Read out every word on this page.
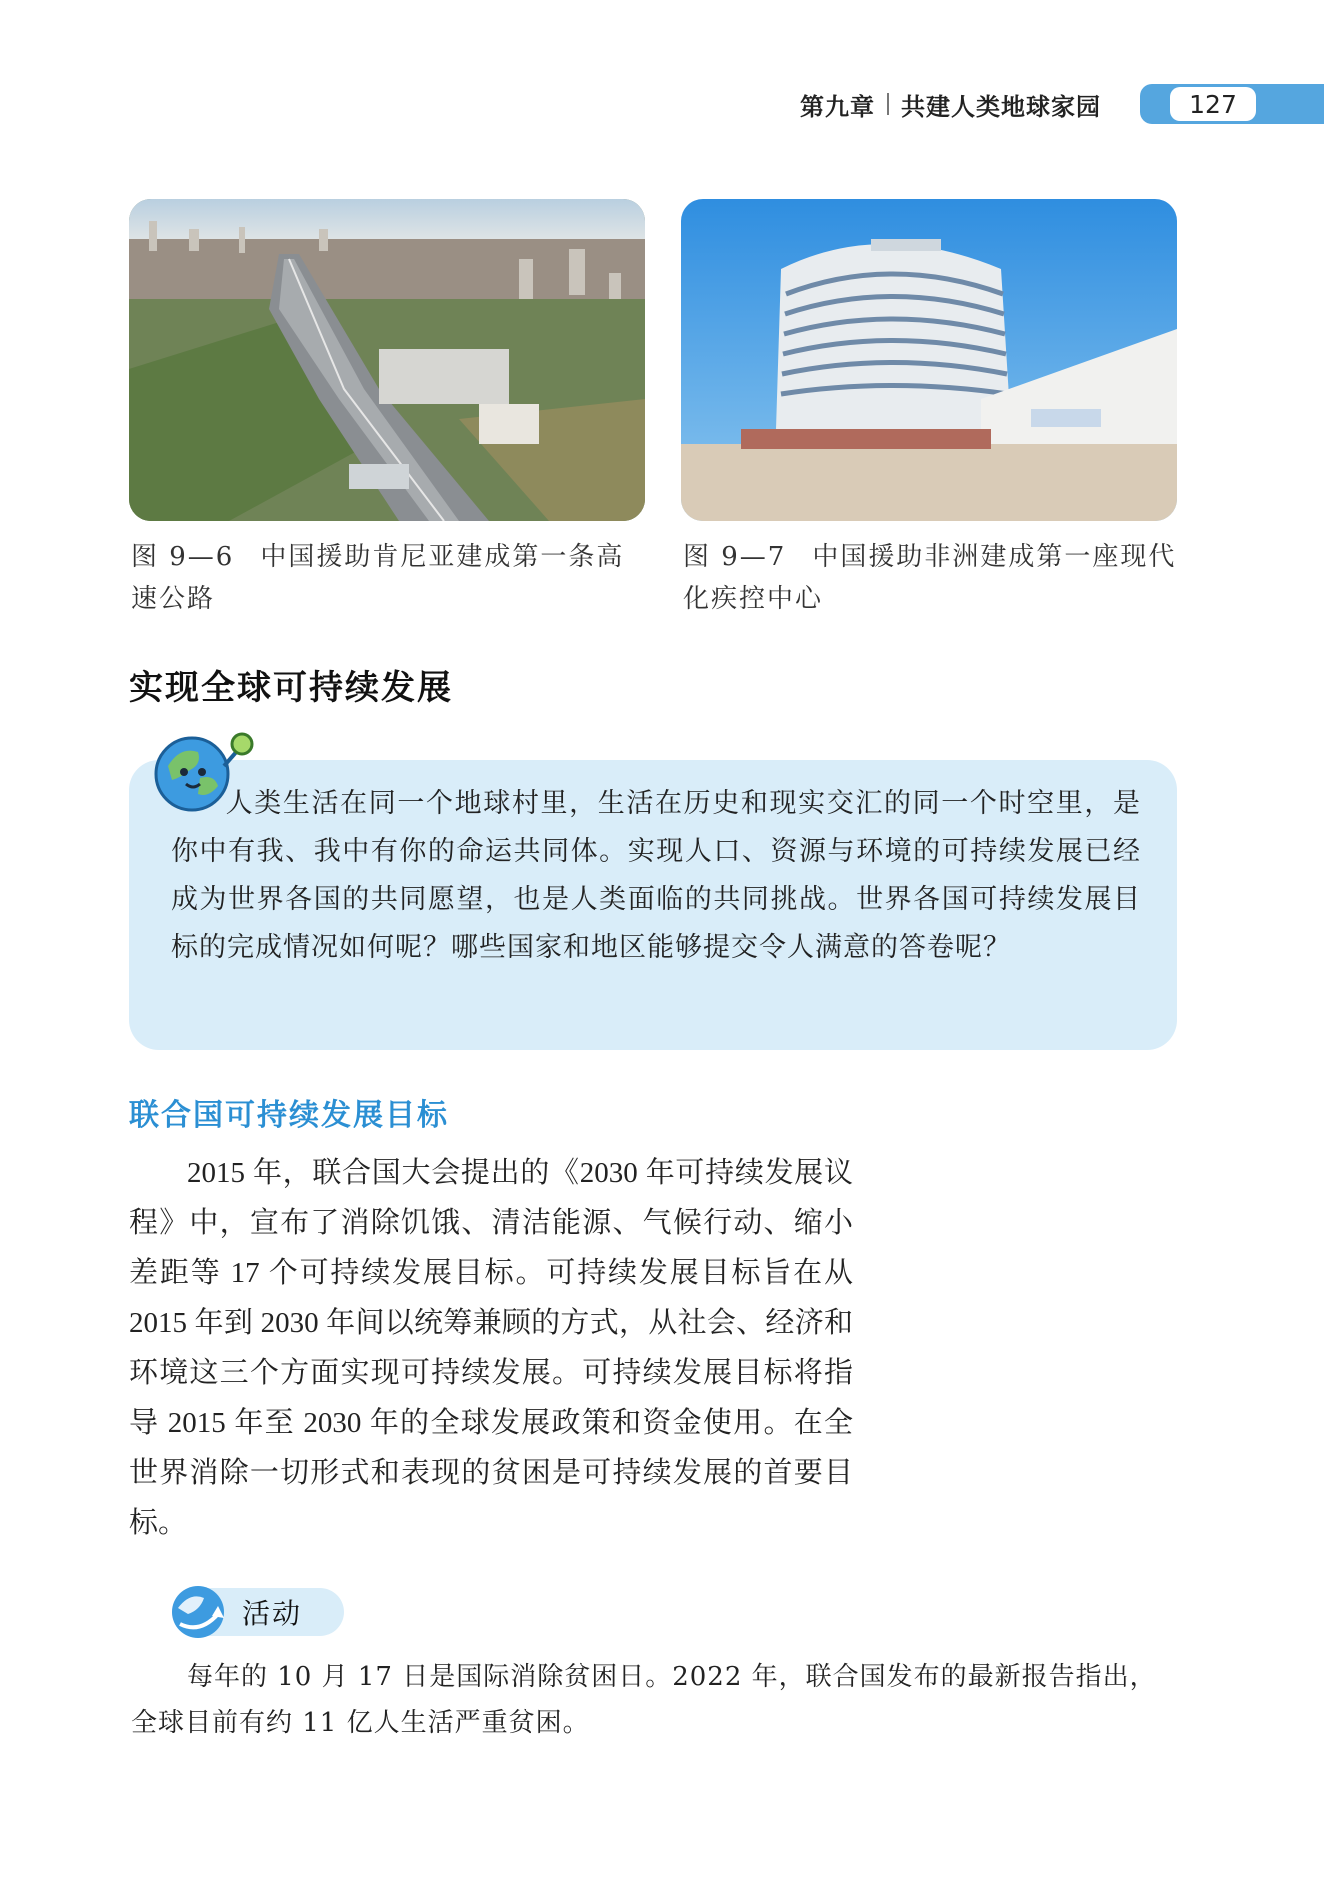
第九章 共建人类地球家园	127
图 9—6 中国援助肯尼亚建成第一条高速公路
图 9—7 中国援助非洲建成第一座现代化疾控中心
实现全球可持续发展
人类生活在同一个地球村里，生活在历史和现实交汇的同一个时空里，是你中有我、我中有你的命运共同体。实现人口、资源与环境的可持续发展已经成为世界各国的共同愿望，也是人类面临的共同挑战。世界各国可持续发展目标的完成情况如何呢？哪些国家和地区能够提交令人满意的答卷呢？
联合国可持续发展目标
2015 年，联合国大会提出的《2030 年可持续发展议程》中，宣布了消除饥饿、清洁能源、气候行动、缩小差距等 17 个可持续发展目标。可持续发展目标旨在从 2015 年到 2030 年间以统筹兼顾的方式，从社会、经济和环境这三个方面实现可持续发展。可持续发展目标将指导 2015 年至 2030 年的全球发展政策和资金使用。在全世界消除一切形式和表现的贫困是可持续发展的首要目标。
活动
每年的 10 月 17 日是国际消除贫困日。2022 年，联合国发布的最新报告指出，全球目前有约 11 亿人生活严重贫困。
